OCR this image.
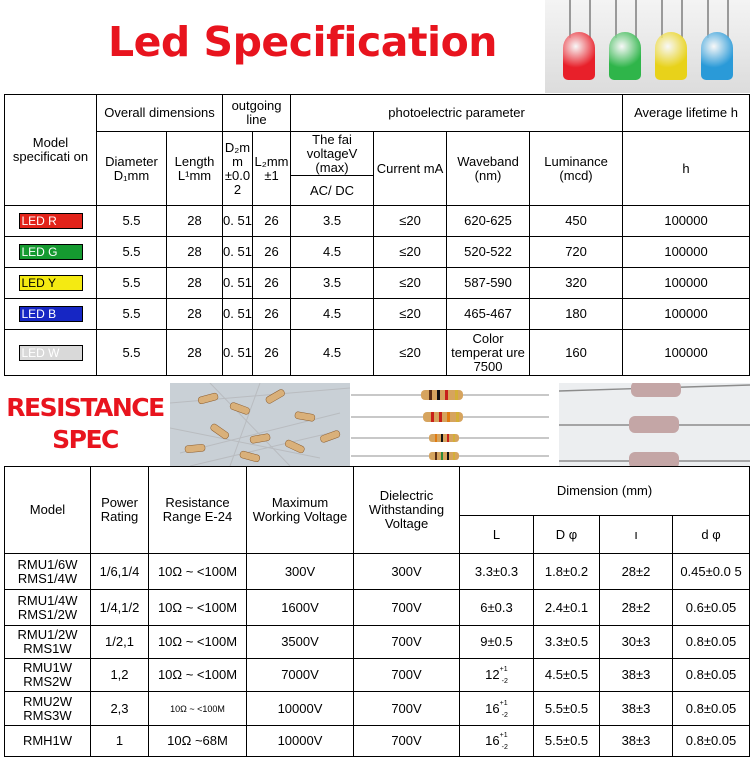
Led Specification
Model specificati on	Overall dimensions		outgoing line		photoelectric parameter				Average lifetime h
	Diameter D₁mm	Length L¹mm	D₂m m ±0.0 2	L₂mm ±1	The fai voltageV (max)	Current mA	Waveband (nm)	Luminance (mcd)	h
					AC/ DC				
LED R	5.5	28	0. 51	26	3.5	≤20	620-625	450	100000
LED G	5.5	28	0. 51	26	4.5	≤20	520-522	720	100000
LED Y	5.5	28	0. 51	26	3.5	≤20	587-590	320	100000
LED B	5.5	28	0. 51	26	4.5	≤20	465-467	180	100000
LED W	5.5	28	0. 51	26	4.5	≤20	Color temperat ure 7500	160	100000
RESISTANCE
SPEC
Model	Power Rating	Resistance Range E-24	Maximum Working Voltage	Dielectric Withstanding Voltage	Dimension (mm)			
					L	D φ	ı	d φ
RMU1/6W RMS1/4W	1/6,1/4	10Ω ~ <100M	300V	300V	3.3±0.3	1.8±0.2	28±2	0.45±0.0 5
RMU1/4W RMS1/2W	1/4,1/2	10Ω ~ <100M	1600V	700V	6±0.3	2.4±0.1	28±2	0.6±0.05
RMU1/2W RMS1W	1/2,1	10Ω ~ <100M	3500V	700V	9±0.5	3.3±0.5	30±3	0.8±0.05
RMU1W RMS2W	1,2	10Ω ~ <100M	7000V	700V	$12^{+1}_{-2}$	4.5±0.5	38±3	0.8±0.05
RMU2W RMS3W	2,3	10Ω ~ <100M	10000V	700V	$16^{+1}_{-2}$	5.5±0.5	38±3	0.8±0.05
RMH1W	1	10Ω ~68M	10000V	700V	$16^{+1}_{-2}$	5.5±0.5	38±3	0.8±0.05
